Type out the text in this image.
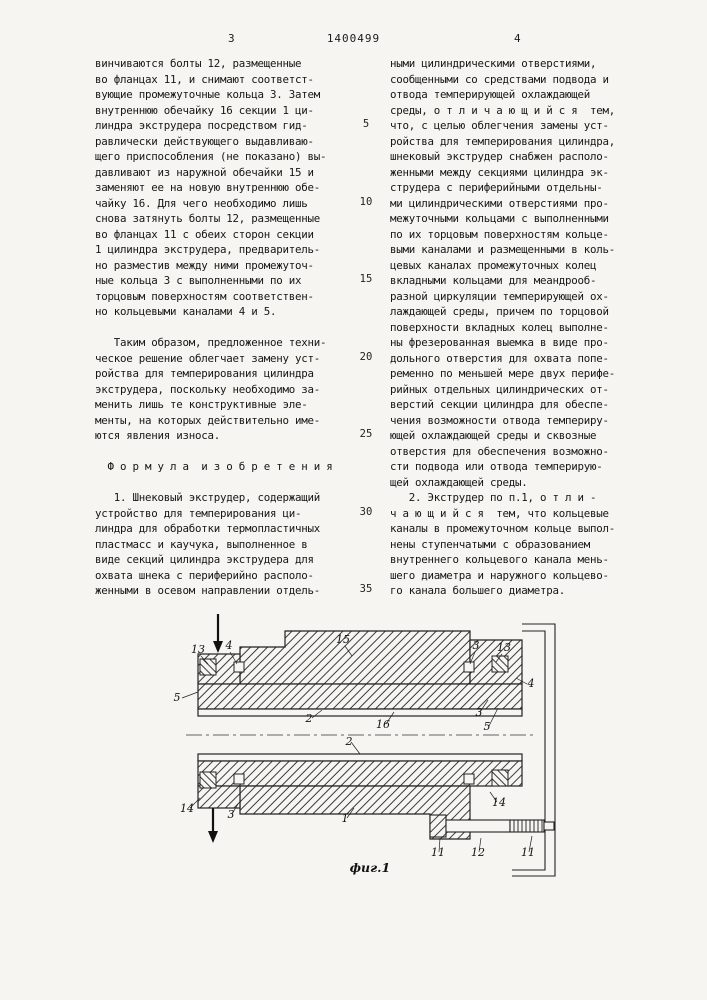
3	1400499	4
винчиваются болты 12, размещенные
во фланцах 11, и снимают соответст-
вующие промежуточные кольца 3. Затем
внутреннюю обечайку 16 секции 1 ци-
линдра экструдера посредством гид-
равлически действующего выдавливаю-
щего приспособления (не показано) вы-
давливают из наружной обечайки 15 и
заменяют ее на новую внутреннюю обе-
чайку 16. Для чего необходимо лишь
снова затянуть болты 12, размещенные
во фланцах 11 с обеих сторон секции
1 цилиндра экструдера, предваритель-
но разместив между ними промежуточ-
ные кольца 3 с выполненными по их
торцовым поверхностям соответствен-
но кольцевыми каналами 4 и 5.

Таким образом, предложенное техни-
ческое решение облегчает замену уст-
ройства для темперирования цилиндра
экструдера, поскольку необходимо за-
менить лишь те конструктивные эле-
менты, на которых действительно име-
ются явления износа.

Ф о р м у л а  и з о б р е т е н и я

1. Шнековый экструдер, содержащий
устройство для темперирования ци-
линдра для обработки термопластичных
пластмасс и каучука, выполненное в
виде секций цилиндра экструдера для
охвата шнека с периферийно располо-
женными в осевом направлении отдель-
ными цилиндрическими отверстиями,
сообщенными со средствами подвода и
отвода темперирующей охлаждающей
среды, о т л и ч а ю щ и й с я  тем,
что, с целью облегчения замены уст-
ройства для темперирования цилиндра,
шнековый экструдер снабжен располо-
женными между секциями цилиндра эк-
струдера с периферийными отдельны-
ми цилиндрическими отверстиями про-
межуточными кольцами с выполненными
по их торцовым поверхностям кольце-
выми каналами и размещенными в коль-
цевых каналах промежуточных колец
вкладными кольцами для меандрооб-
разной циркуляции темперирующей ох-
лаждающей среды, причем по торцовой
поверхности вкладных колец выполне-
ны фрезерованная выемка в виде про-
дольного отверстия для охвата попе-
ременно по меньшей мере двух перифе-
рийных отдельных цилиндрических от-
верстий секции цилиндра для обеспе-
чения возможности отвода темпериру-
ющей охлаждающей среды и сквозные
отверстия для обеспечения возможно-
сти подвода или отвода темперирую-
щей охлаждающей среды.
2. Экструдер по п.1, о т л и -
ч а ю щ и й с я  тем, что кольцевые
каналы в промежуточном кольце выпол-
нены ступенчатыми с образованием
внутреннего кольцевого канала мень-
шего диаметра и наружного кольцево-
го канала большего диаметра.
5
10
15
20
25
30
35
13 4	15	3 13
5
4
2	16
3
5
2
14	3
14
1
11 12	11
фиг.1
